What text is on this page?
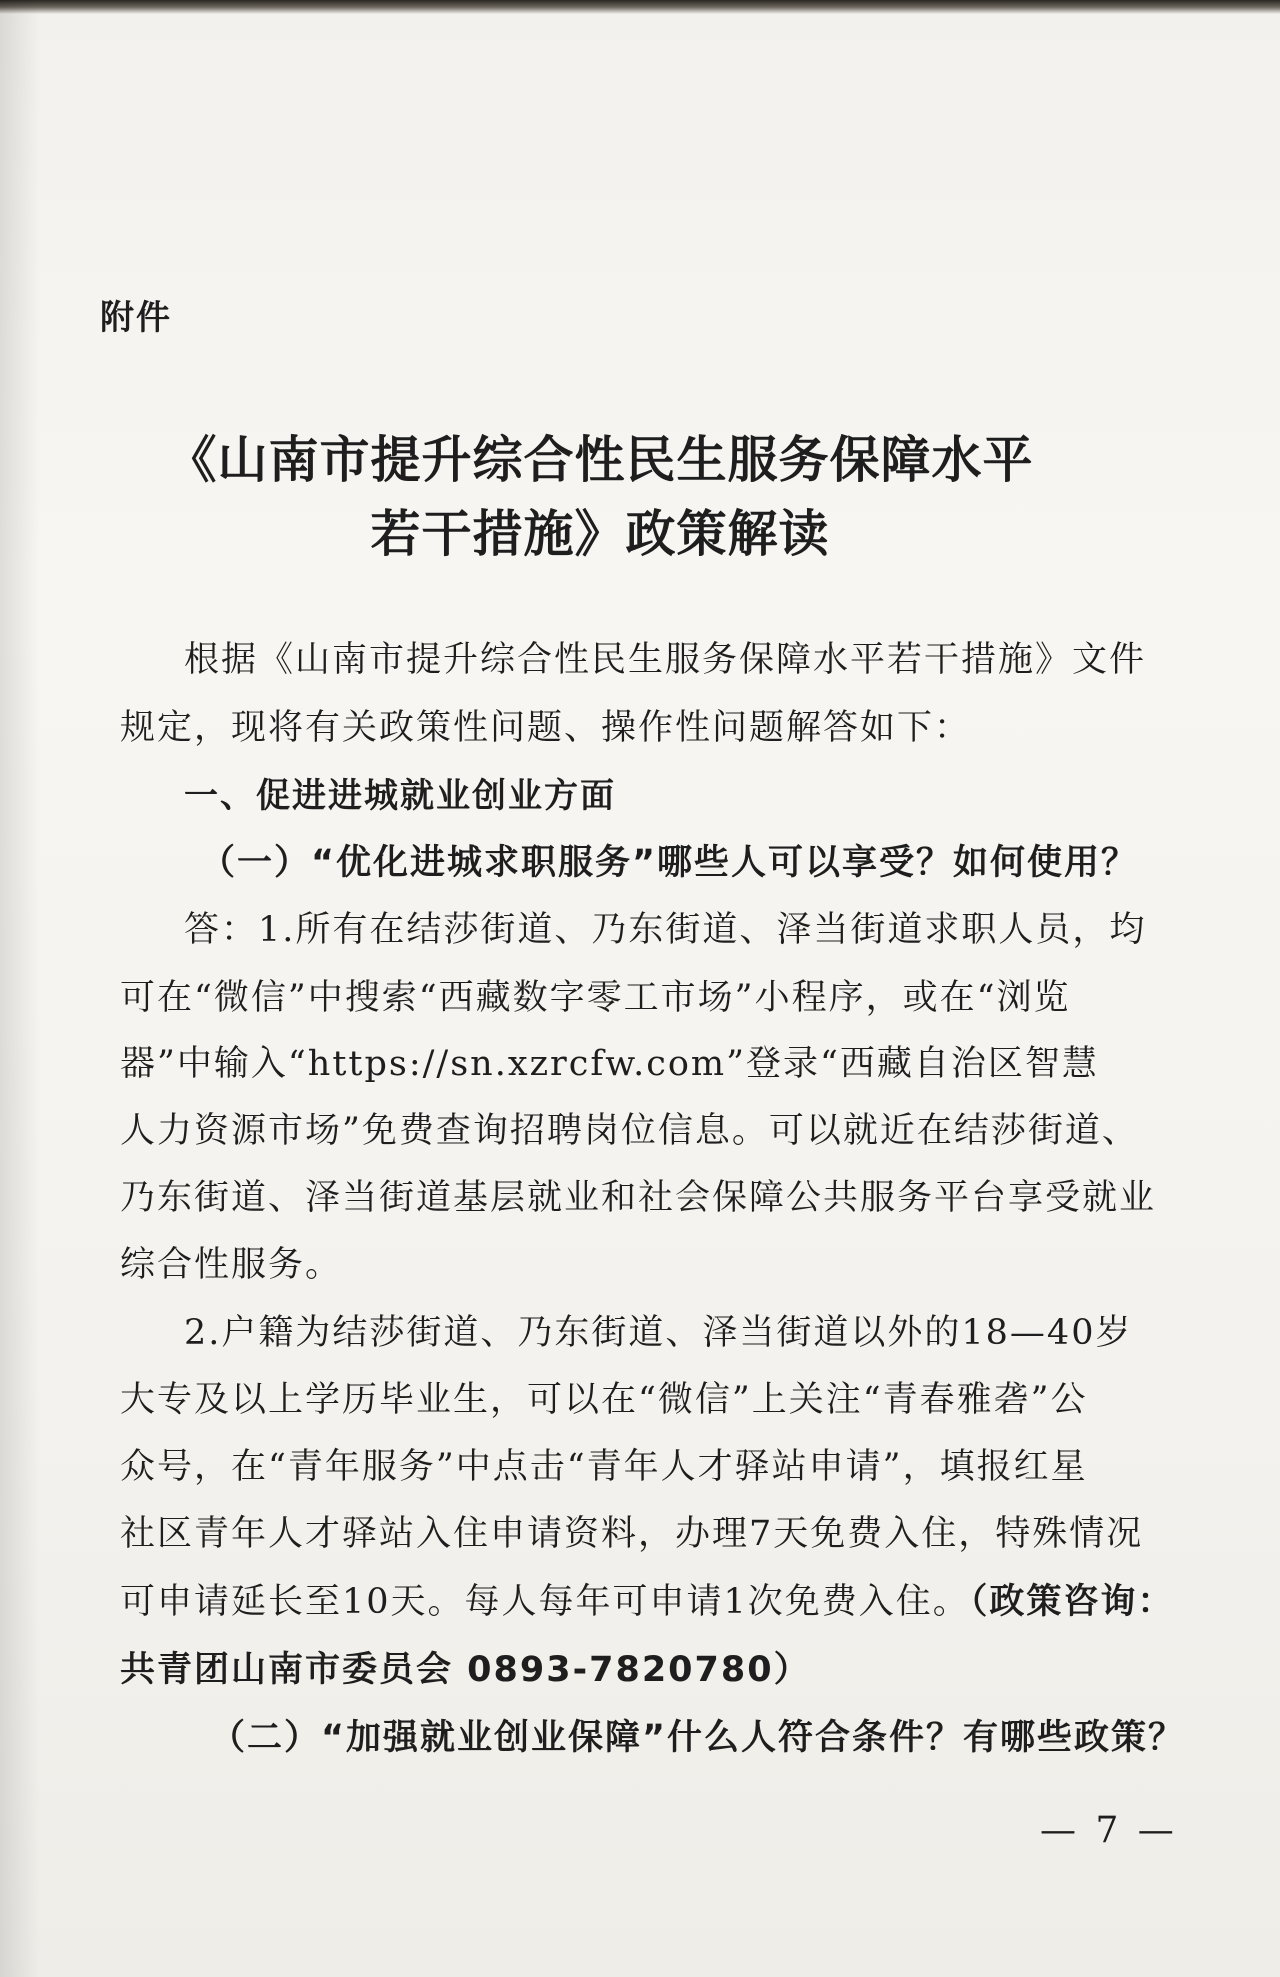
附件
《山南市提升综合性民生服务保障水平
若干措施》政策解读
根据《山南市提升综合性民生服务保障水平若干措施》文件
规定，现将有关政策性问题、操作性问题解答如下：
一、促进进城就业创业方面
（一）“优化进城求职服务”哪些人可以享受？如何使用？
答：1.所有在结莎街道、乃东街道、泽当街道求职人员，均
可在“微信”中搜索“西藏数字零工市场”小程序，或在“浏览
器”中输入“https://sn.xzrcfw.com”登录“西藏自治区智慧
人力资源市场”免费查询招聘岗位信息。可以就近在结莎街道、
乃东街道、泽当街道基层就业和社会保障公共服务平台享受就业
综合性服务。
2.户籍为结莎街道、乃东街道、泽当街道以外的18—40岁
大专及以上学历毕业生，可以在“微信”上关注“青春雅砻”公
众号，在“青年服务”中点击“青年人才驿站申请”，填报红星
社区青年人才驿站入住申请资料，办理7天免费入住，特殊情况
可申请延长至10天。每人每年可申请1次免费入住。（政策咨询：
共青团山南市委员会 0893-7820780）
（二）“加强就业创业保障”什么人符合条件？有哪些政策？
— 7 —
